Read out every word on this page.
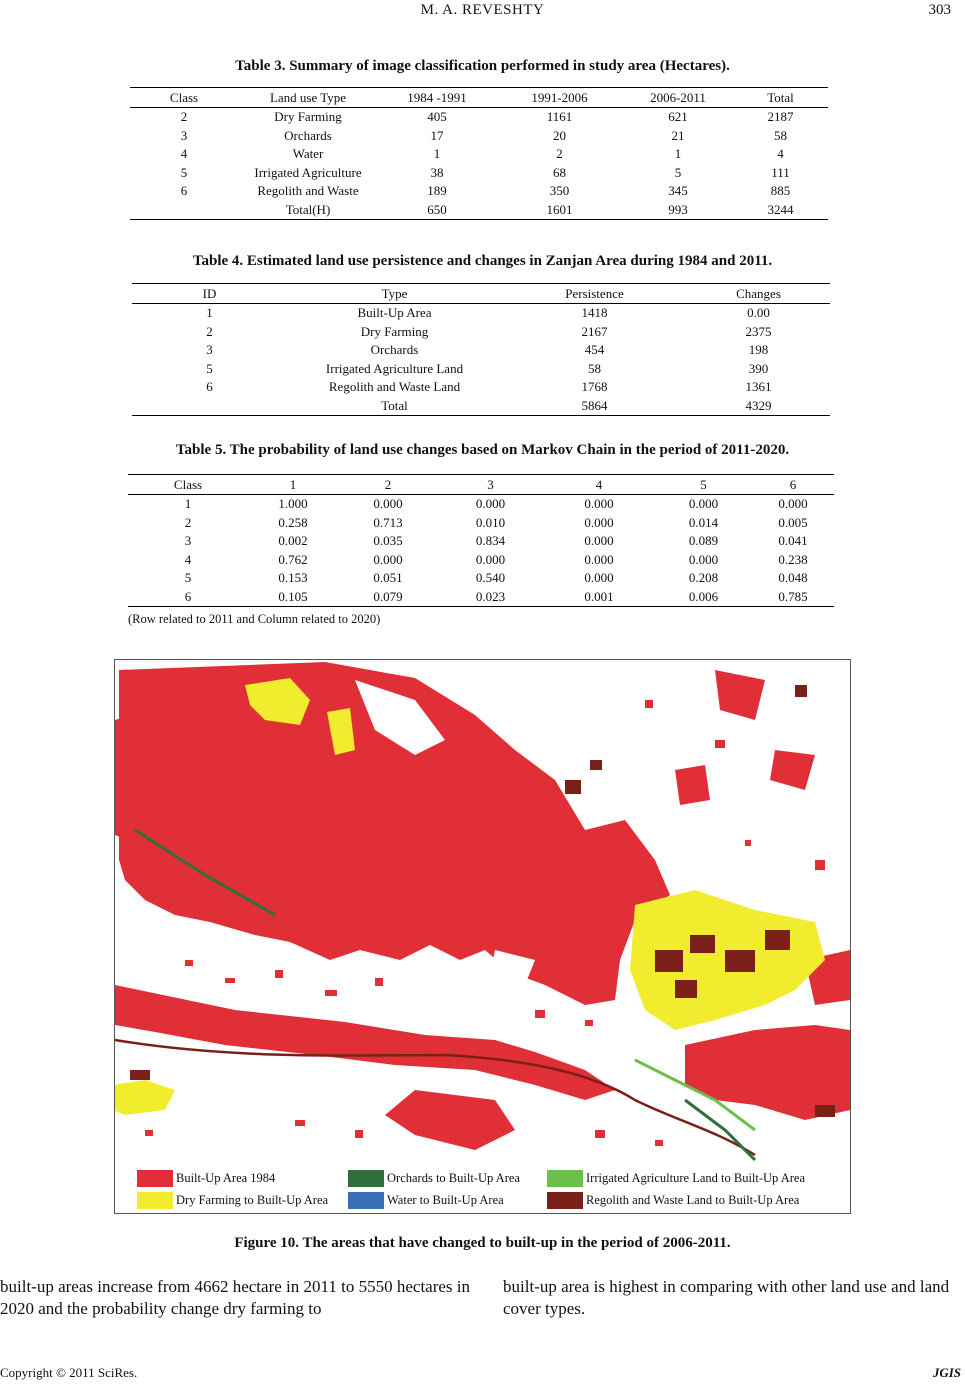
M. A. REVESHTY	303
Table 3. Summary of image classification performed in study area (Hectares).
Class	Land use Type	1984 -1991	1991-2006	2006-2011	Total
2	Dry Farming	405	1161	621	2187
3	Orchards	17	20	21	58
4	Water	1	2	1	4
5	Irrigated Agriculture	38	68	5	111
6	Regolith and Waste	189	350	345	885
	Total(H)	650	1601	993	3244
Table 4. Estimated land use persistence and changes in Zanjan Area during 1984 and 2011.
ID	Type	Persistence	Changes
1	Built-Up Area	1418	0.00
2	Dry Farming	2167	2375
3	Orchards	454	198
5	Irrigated Agriculture Land	58	390
6	Regolith and Waste Land	1768	1361
	Total	5864	4329
Table 5. The probability of land use changes based on Markov Chain in the period of 2011-2020.
Class	1	2	3	4	5	6
1	1.000	0.000	0.000	0.000	0.000	0.000
2	0.258	0.713	0.010	0.000	0.014	0.005
3	0.002	0.035	0.834	0.000	0.089	0.041
4	0.762	0.000	0.000	0.000	0.000	0.238
5	0.153	0.051	0.540	0.000	0.208	0.048
6	0.105	0.079	0.023	0.001	0.006	0.785
(Row related to 2011 and Column related to 2020)
Built-Up Area 1984
Dry Farming to Built-Up Area
Orchards to Built-Up Area
Water to Built-Up Area
Irrigated Agriculture Land to Built-Up Area
Regolith and Waste Land to Built-Up Area
Figure 10. The areas that have changed to built-up in the period of 2006-2011.
built-up areas increase from 4662 hectare in 2011 to 5550 hectares in 2020 and the probability change dry farming to
built-up area is highest in comparing with other land use and land cover types.
Copyright © 2011 SciRes.	JGIS
